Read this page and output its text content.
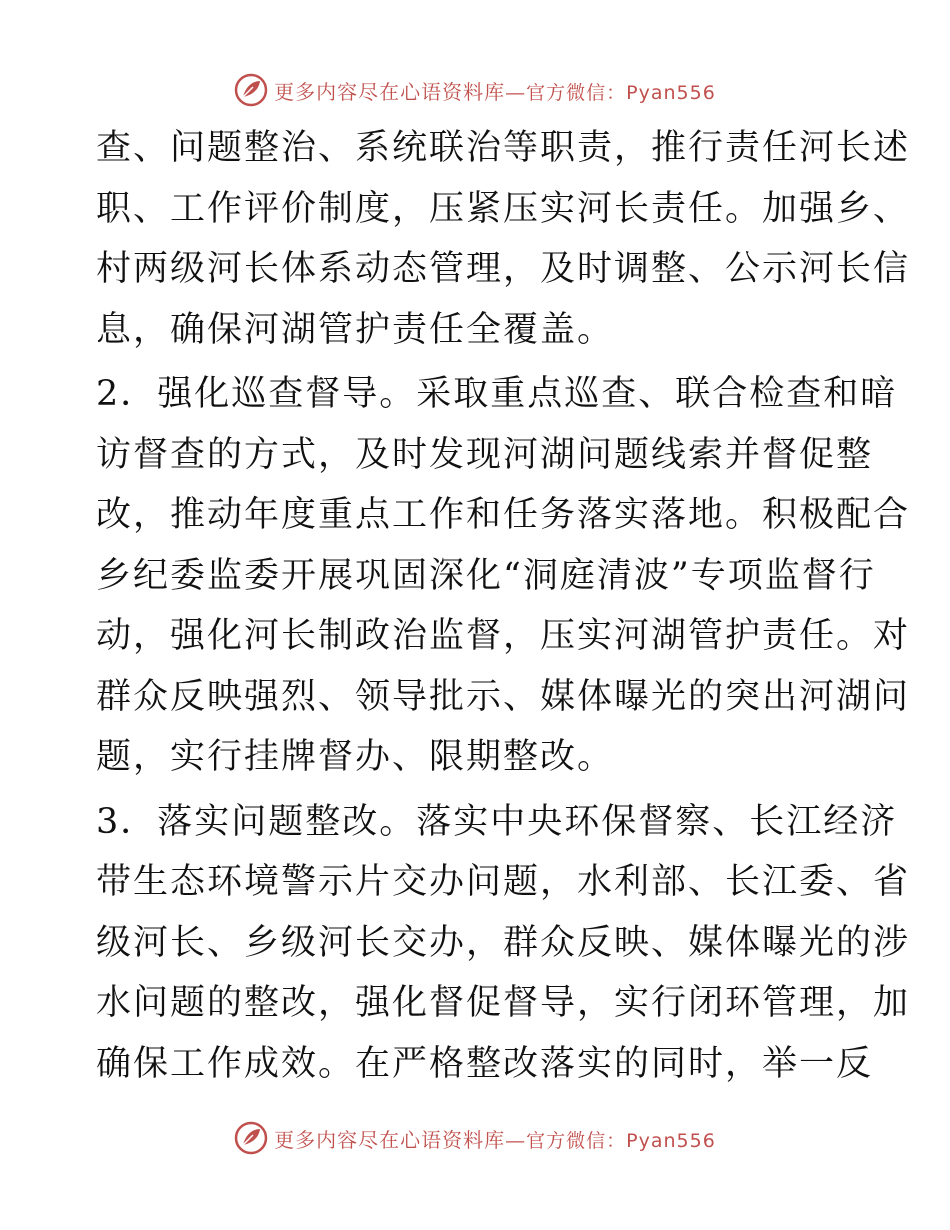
更多内容尽在心语资料库—官方微信：Pyan556
查、问题整治、系统联治等职责，推行责任河长述
职、工作评价制度，压紧压实河长责任。加强乡、
村两级河长体系动态管理，及时调整、公示河长信
息，确保河湖管护责任全覆盖。
2．强化巡查督导。采取重点巡查、联合检查和暗
访督查的方式，及时发现河湖问题线索并督促整
改，推动年度重点工作和任务落实落地。积极配合
乡纪委监委开展巩固深化“洞庭清波”专项监督行
动，强化河长制政治监督，压实河湖管护责任。对
群众反映强烈、领导批示、媒体曝光的突出河湖问
题，实行挂牌督办、限期整改。
3．落实问题整改。落实中央环保督察、长江经济
带生态环境警示片交办问题，水利部、长江委、省
级河长、乡级河长交办，群众反映、媒体曝光的涉
水问题的整改，强化督促督导，实行闭环管理，加
确保工作成效。在严格整改落实的同时，举一反
更多内容尽在心语资料库—官方微信：Pyan556
